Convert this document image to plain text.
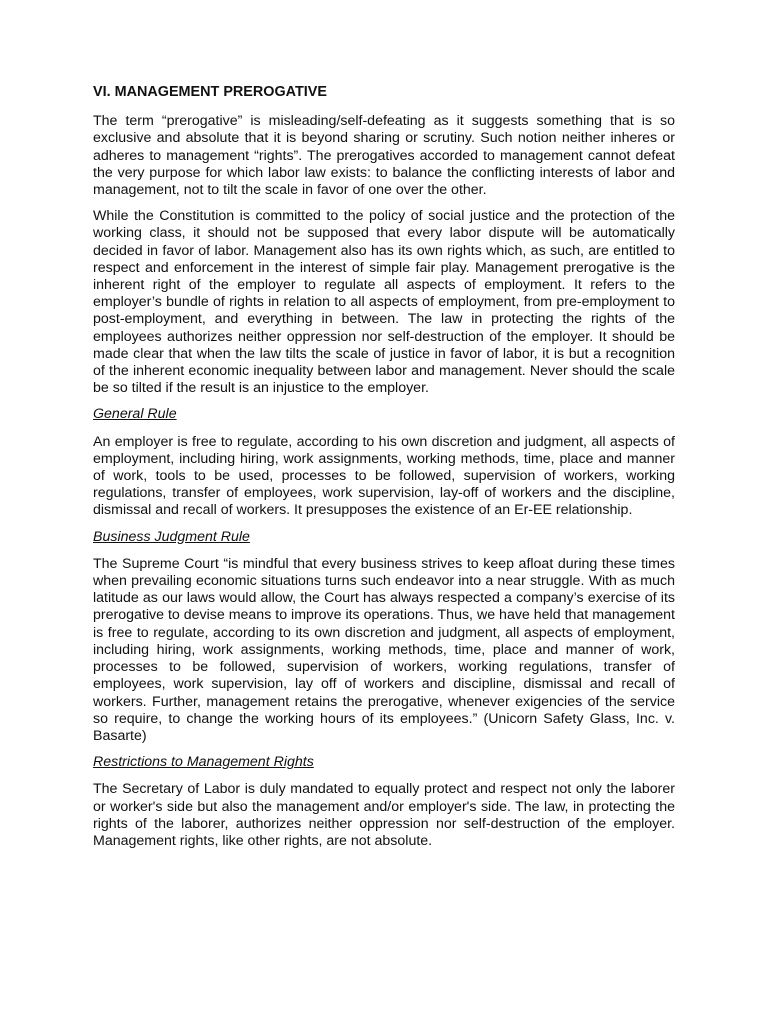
VI. MANAGEMENT PREROGATIVE

The term “prerogative” is misleading/self-defeating as it suggests something that is so exclusive and absolute that it is beyond sharing or scrutiny. Such notion neither inheres or adheres to management “rights”. The prerogatives accorded to management cannot defeat the very purpose for which labor law exists: to balance the conflicting interests of labor and management, not to tilt the scale in favor of one over the other.

While the Constitution is committed to the policy of social justice and the protection of the working class, it should not be supposed that every labor dispute will be automatically decided in favor of labor. Management also has its own rights which, as such, are entitled to respect and enforcement in the interest of simple fair play. Management prerogative is the inherent right of the employer to regulate all aspects of employment. It refers to the employer’s bundle of rights in relation to all aspects of employment, from pre-employment to post-employment, and everything in between. The law in protecting the rights of the employees authorizes neither oppression nor self-destruction of the employer. It should be made clear that when the law tilts the scale of justice in favor of labor, it is but a recognition of the inherent economic inequality between labor and management. Never should the scale be so tilted if the result is an injustice to the employer.

General Rule

An employer is free to regulate, according to his own discretion and judgment, all aspects of employment, including hiring, work assignments, working methods, time, place and manner of work, tools to be used, processes to be followed, supervision of workers, working regulations, transfer of employees, work supervision, lay-off of workers and the discipline, dismissal and recall of workers. It presupposes the existence of an Er-EE relationship.

Business Judgment Rule

The Supreme Court “is mindful that every business strives to keep afloat during these times when prevailing economic situations turns such endeavor into a near struggle. With as much latitude as our laws would allow, the Court has always respected a company’s exercise of its prerogative to devise means to improve its operations. Thus, we have held that management is free to regulate, according to its own discretion and judgment, all aspects of employment, including hiring, work assignments, working methods, time, place and manner of work, processes to be followed, supervision of workers, working regulations, transfer of employees, work supervision, lay off of workers and discipline, dismissal and recall of workers. Further, management retains the prerogative, whenever exigencies of the service so require, to change the working hours of its employees.” (Unicorn Safety Glass, Inc. v. Basarte)

Restrictions to Management Rights

The Secretary of Labor is duly mandated to equally protect and respect not only the laborer or worker's side but also the management and/or employer's side. The law, in protecting the rights of the laborer, authorizes neither oppression nor self-destruction of the employer. Management rights, like other rights, are not absolute.
